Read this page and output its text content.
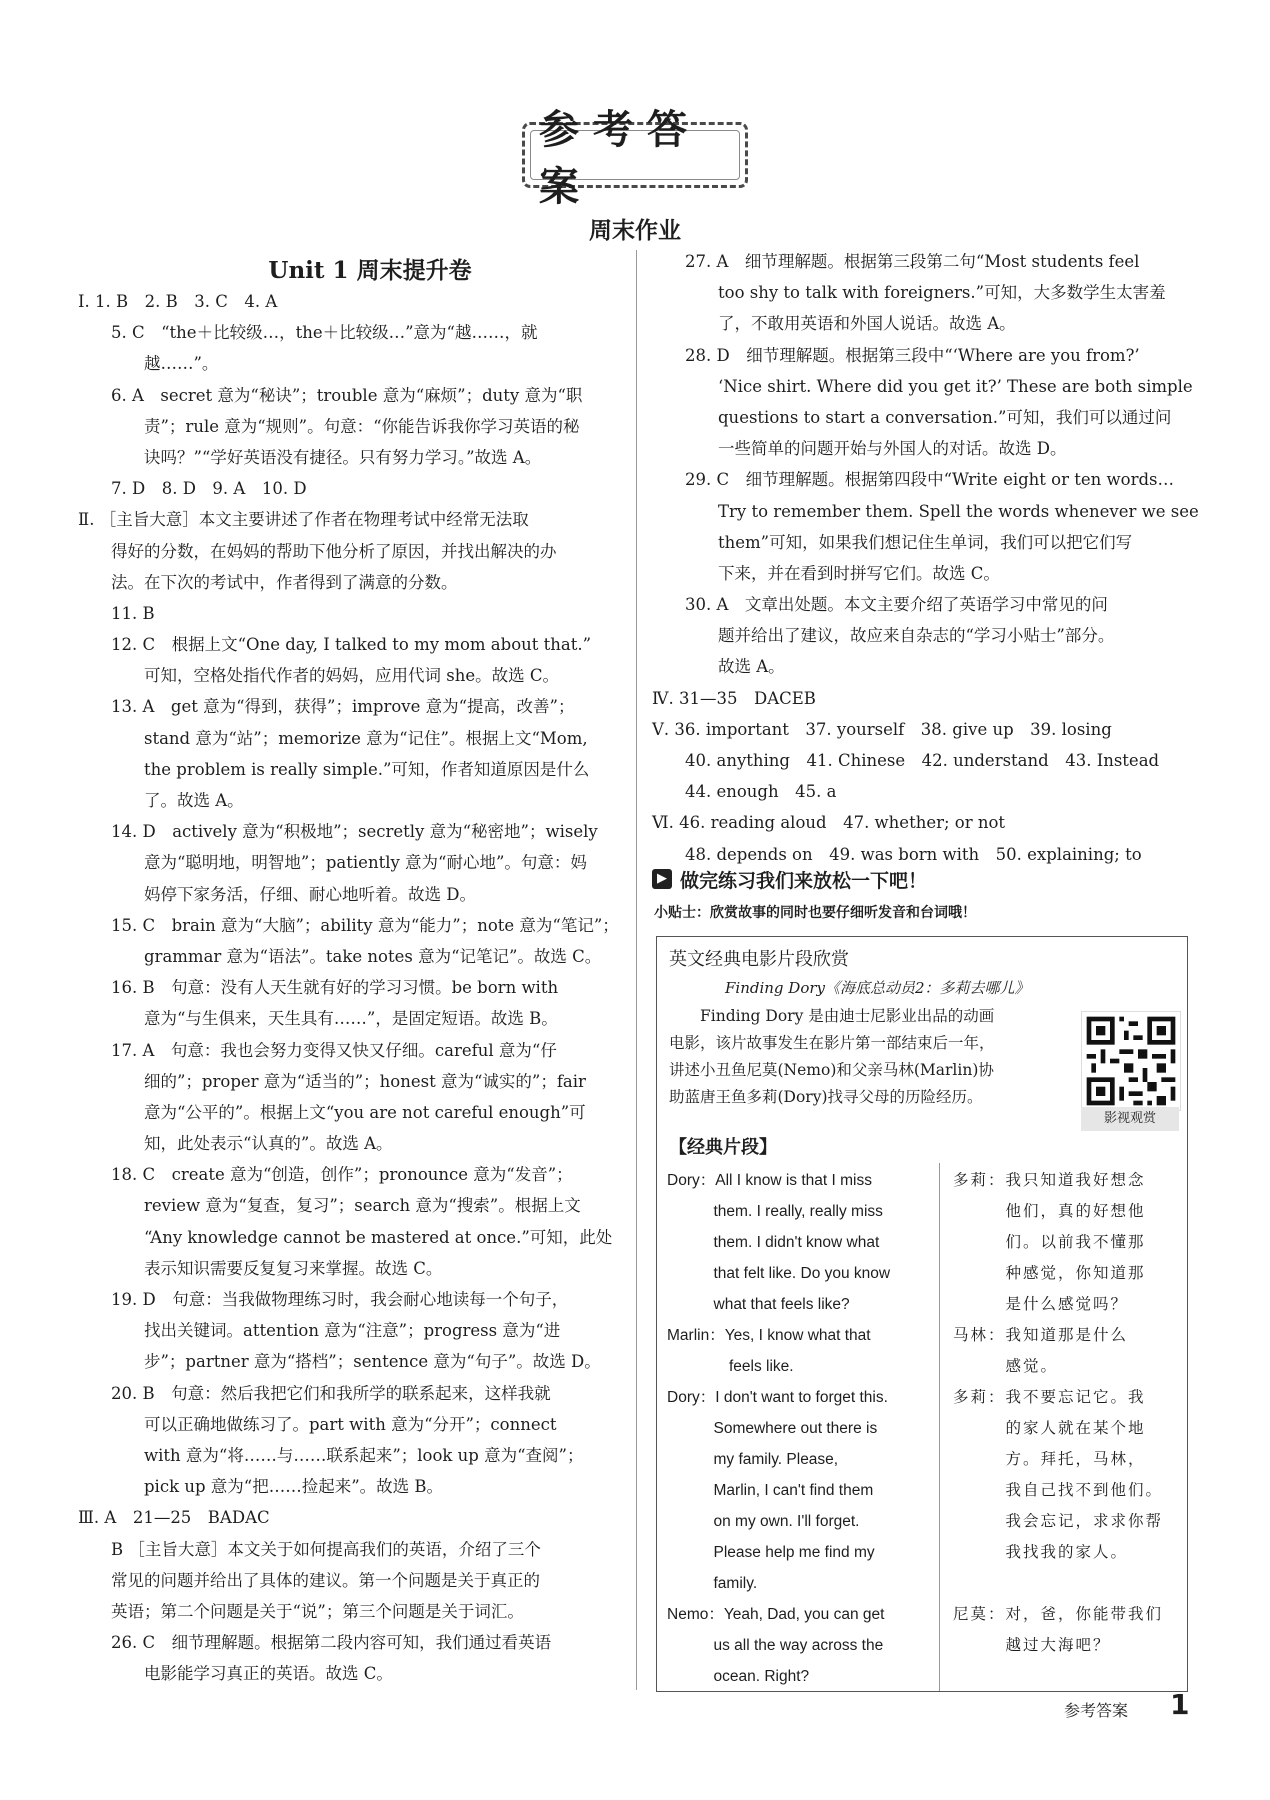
参考答案
周末作业
Unit 1 周末提升卷
Ⅰ. 1. B　2. B　3. C　4. A
　　5. C　“the＋比较级…，the＋比较级…”意为“越……，就
　　　　越……”。
　　6. A　secret 意为“秘诀”；trouble 意为“麻烦”；duty 意为“职
　　　　责”；rule 意为“规则”。句意：“你能告诉我你学习英语的秘
　　　　诀吗？”“学好英语没有捷径。只有努力学习。”故选 A。
　　7. D　8. D　9. A　10. D
Ⅱ. ［主旨大意］本文主要讲述了作者在物理考试中经常无法取
　　得好的分数，在妈妈的帮助下他分析了原因，并找出解决的办
　　法。在下次的考试中，作者得到了满意的分数。
　　11. B
　　12. C　根据上文“One day, I talked to my mom about that.”
　　　　可知，空格处指代作者的妈妈，应用代词 she。故选 C。
　　13. A　get 意为“得到，获得”；improve 意为“提高，改善”；
　　　　stand 意为“站”；memorize 意为“记住”。根据上文“Mom,
　　　　the problem is really simple.”可知，作者知道原因是什么
　　　　了。故选 A。
　　14. D　actively 意为“积极地”；secretly 意为“秘密地”；wisely
　　　　意为“聪明地，明智地”；patiently 意为“耐心地”。句意：妈
　　　　妈停下家务活，仔细、耐心地听着。故选 D。
　　15. C　brain 意为“大脑”；ability 意为“能力”；note 意为“笔记”；
　　　　grammar 意为“语法”。take notes 意为“记笔记”。故选 C。
　　16. B　句意：没有人天生就有好的学习习惯。be born with
　　　　意为“与生俱来，天生具有……”，是固定短语。故选 B。
　　17. A　句意：我也会努力变得又快又仔细。careful 意为“仔
　　　　细的”；proper 意为“适当的”；honest 意为“诚实的”；fair
　　　　意为“公平的”。根据上文“you are not careful enough”可
　　　　知，此处表示“认真的”。故选 A。
　　18. C　create 意为“创造，创作”；pronounce 意为“发音”；
　　　　review 意为“复查，复习”；search 意为“搜索”。根据上文
　　　　“Any knowledge cannot be mastered at once.”可知，此处
　　　　表示知识需要反复复习来掌握。故选 C。
　　19. D　句意：当我做物理练习时，我会耐心地读每一个句子，
　　　　找出关键词。attention 意为“注意”；progress 意为“进
　　　　步”；partner 意为“搭档”；sentence 意为“句子”。故选 D。
　　20. B　句意：然后我把它们和我所学的联系起来，这样我就
　　　　可以正确地做练习了。part with 意为“分开”；connect
　　　　with 意为“将……与……联系起来”；look up 意为“查阅”；
　　　　pick up 意为“把……捡起来”。故选 B。
Ⅲ. A　21—25　BADAC
　　B ［主旨大意］本文关于如何提高我们的英语，介绍了三个
　　常见的问题并给出了具体的建议。第一个问题是关于真正的
　　英语；第二个问题是关于“说”；第三个问题是关于词汇。
　　26. C　细节理解题。根据第二段内容可知，我们通过看英语
　　　　电影能学习真正的英语。故选 C。
　　27. A　细节理解题。根据第三段第二句“Most students feel
　　　　too shy to talk with foreigners.”可知，大多数学生太害羞
　　　　了，不敢用英语和外国人说话。故选 A。
　　28. D　细节理解题。根据第三段中“‘Where are you from?’
　　　　‘Nice shirt. Where did you get it?’ These are both simple
　　　　questions to start a conversation.”可知，我们可以通过问
　　　　一些简单的问题开始与外国人的对话。故选 D。
　　29. C　细节理解题。根据第四段中“Write eight or ten words…
　　　　Try to remember them. Spell the words whenever we see
　　　　them”可知，如果我们想记住生单词，我们可以把它们写
　　　　下来，并在看到时拼写它们。故选 C。
　　30. A　文章出处题。本文主要介绍了英语学习中常见的问
　　　　题并给出了建议，故应来自杂志的“学习小贴士”部分。
　　　　故选 A。
Ⅳ. 31—35　DACEB
Ⅴ. 36. important　37. yourself　38. give up　39. losing
　　40. anything　41. Chinese　42. understand　43. Instead
　　44. enough　45. a
Ⅵ. 46. reading aloud　47. whether; or not
　　48. depends on　49. was born with　50. explaining; to
▶ 做完练习我们来放松一下吧！
小贴士：欣赏故事的同时也要仔细听发音和台词哦！
英文经典电影片段欣赏
Finding Dory《海底总动员2：多莉去哪儿》
　　Finding Dory 是由迪士尼影业出品的动画
电影，该片故事发生在影片第一部结束后一年，
讲述小丑鱼尼莫(Nemo)和父亲马林(Marlin)协
助蓝唐王鱼多莉(Dory)找寻父母的历险经历。
影视观赏
【经典片段】
Dory：All I know is that I miss
　　　them. I really, really miss
　　　them. I didn't know what
　　　that felt like. Do you know
　　　what that feels like?
多莉：我只知道我好想念
　　　他们，真的好想他
　　　们。以前我不懂那
　　　种感觉，你知道那
　　　是什么感觉吗？
Marlin：Yes, I know what that
　　　　feels like.
马林：我知道那是什么
　　　感觉。
Dory：I don't want to forget this.
　　　Somewhere out there is
　　　my family. Please,
　　　Marlin, I can't find them
　　　on my own. I'll forget.
　　　Please help me find my
　　　family.
多莉：我不要忘记它。我
　　　的家人就在某个地
　　　方。拜托，马林，
　　　我自己找不到他们。
　　　我会忘记，求求你帮
　　　我找我的家人。
Nemo：Yeah, Dad, you can get
　　　us all the way across the
　　　ocean. Right?
尼莫：对，爸，你能带我们
　　　越过大海吧？
参考答案 1
